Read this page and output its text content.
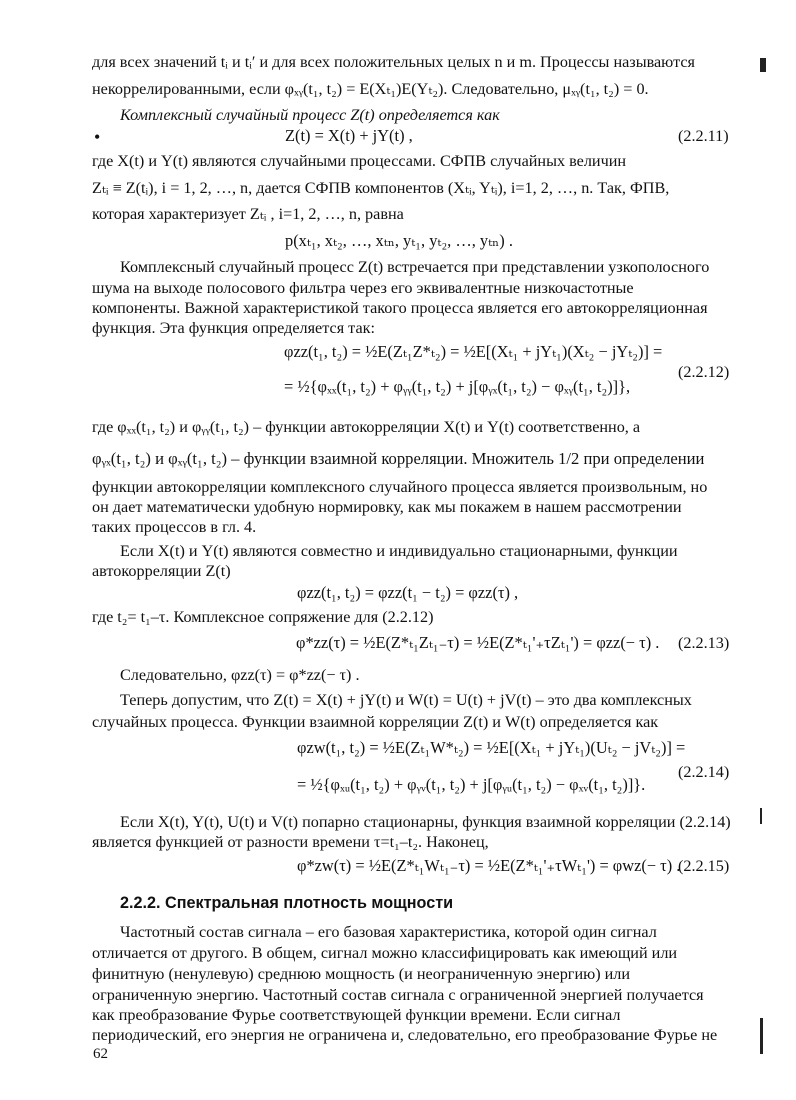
для всех значений tᵢ и tᵢ′ и для всех положительных целых n и m. Процессы называются
некоррелированными, если φₓᵧ(t₁, t₂) = E(Xₜ₁)E(Yₜ₂). Следовательно, μₓᵧ(t₁, t₂) = 0.
Комплексный случайный процесс Z(t) определяется как
•	Z(t) = X(t) + jY(t) ,	(2.2.11)
где X(t) и Y(t) являются случайными процессами. СФПВ случайных величин
Zₜᵢ ≡ Z(tᵢ), i = 1, 2, …, n, дается СФПВ компонентов (Xₜᵢ, Yₜᵢ), i=1, 2, …, n. Так, ФПВ,
которая характеризует Zₜᵢ , i=1, 2, …, n, равна
p(xₜ₁, xₜ₂, …, xₜₙ, yₜ₁, yₜ₂, …, yₜₙ) .
Комплексный случайный процесс Z(t) встречается при представлении узкополосного
шума на выходе полосового фильтра через его эквивалентные низкочастотные
компоненты. Важной характеристикой такого процесса является его автокорреляционная
функция. Эта функция определяется так:
φzz(t₁, t₂) = ½E(Zₜ₁Z*ₜ₂) = ½E[(Xₜ₁ + jYₜ₁)(Xₜ₂ − jYₜ₂)] =
= ½{φₓₓ(t₁, t₂) + φᵧᵧ(t₁, t₂) + j[φᵧₓ(t₁, t₂) − φₓᵧ(t₁, t₂)]},
(2.2.12)
где φₓₓ(t₁, t₂) и φᵧᵧ(t₁, t₂) – функции автокорреляции X(t) и Y(t) соответственно, а
φᵧₓ(t₁, t₂) и φₓᵧ(t₁, t₂) – функции взаимной корреляции. Множитель 1/2 при определении
функции автокорреляции комплексного случайного процесса является произвольным, но
он дает математически удобную нормировку, как мы покажем в нашем рассмотрении
таких процессов в гл. 4.
Если X(t) и Y(t) являются совместно и индивидуально стационарными, функции
автокорреляции Z(t)
φzz(t₁, t₂) = φzz(t₁ − t₂) = φzz(τ) ,
где t₂= t₁–τ. Комплексное сопряжение для (2.2.12)
φ*zz(τ) = ½E(Z*ₜ₁Zₜ₁₋τ) = ½E(Z*ₜ₁'₊τZₜ₁') = φzz(− τ) . (2.2.13)
Следовательно, φzz(τ) = φ*zz(− τ) .
Теперь допустим, что Z(t) = X(t) + jY(t) и W(t) = U(t) + jV(t) – это два комплексных
случайных процесса. Функции взаимной корреляции Z(t) и W(t) определяется как
φzw(t₁, t₂) = ½E(Zₜ₁W*ₜ₂) = ½E[(Xₜ₁ + jYₜ₁)(Uₜ₂ − jVₜ₂)] =
= ½{φₓᵤ(t₁, t₂) + φᵧᵥ(t₁, t₂) + j[φᵧᵤ(t₁, t₂) − φₓᵥ(t₁, t₂)]}.
(2.2.14)
Если X(t), Y(t), U(t) и V(t) попарно стационарны, функция взаимной корреляции (2.2.14)
является функцией от разности времени τ=t₁–t₂. Наконец,
φ*zw(τ) = ½E(Z*ₜ₁Wₜ₁₋τ) = ½E(Z*ₜ₁'₊τWₜ₁') = φwz(− τ) .
(2.2.15)
2.2.2. Спектральная плотность мощности
Частотный состав сигнала – его базовая характеристика, которой один сигнал
отличается от другого. В общем, сигнал можно классифицировать как имеющий или
финитную (ненулевую) среднюю мощность (и неограниченную энергию) или
ограниченную энергию. Частотный состав сигнала с ограниченной энергией получается
как преобразование Фурье соответствующей функции времени. Если сигнал
периодический, его энергия не ограничена и, следовательно, его преобразование Фурье не
62
